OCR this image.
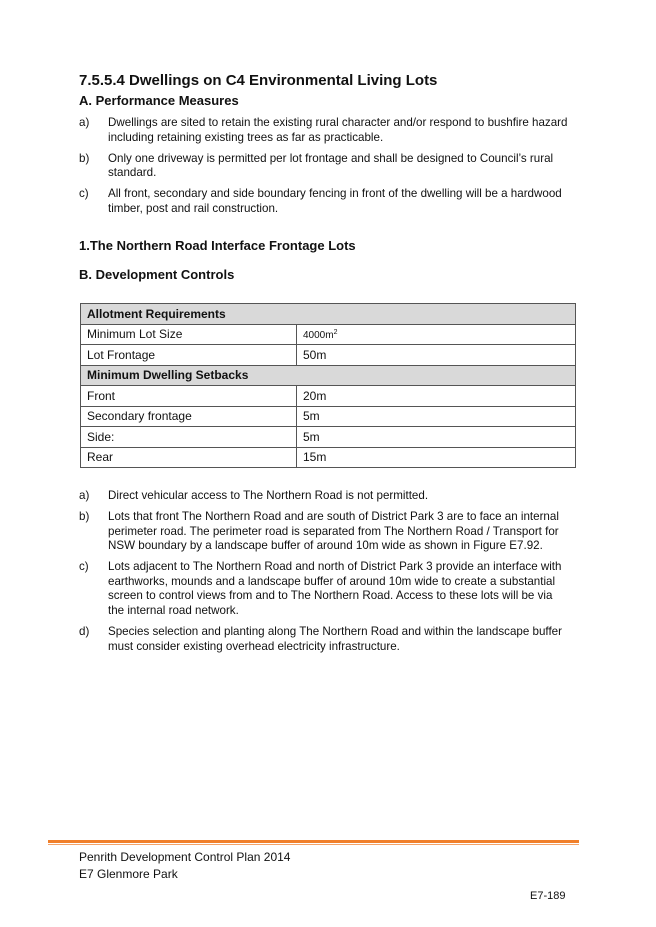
7.5.5.4 Dwellings on C4 Environmental Living Lots
A. Performance Measures
a) Dwellings are sited to retain the existing rural character and/or respond to bushfire hazard including retaining existing trees as far as practicable.
b) Only one driveway is permitted per lot frontage and shall be designed to Council’s rural standard.
c) All front, secondary and side boundary fencing in front of the dwelling will be a hardwood timber, post and rail construction.
1.The Northern Road Interface Frontage Lots
B. Development Controls
Allotment Requirements	
Minimum Lot Size	$4000m^2$
Lot Frontage	50m
Minimum Dwelling Setbacks	
Front	20m
Secondary frontage	5m
Side:	5m
Rear	15m
a) Direct vehicular access to The Northern Road is not permitted.
b) Lots that front The Northern Road and are south of District Park 3 are to face an internal perimeter road. The perimeter road is separated from The Northern Road / Transport for NSW boundary by a landscape buffer of around 10m wide as shown in Figure E7.92.
c) Lots adjacent to The Northern Road and north of District Park 3 provide an interface with earthworks, mounds and a landscape buffer of around 10m wide to create a substantial screen to control views from and to The Northern Road. Access to these lots will be via the internal road network.
d) Species selection and planting along The Northern Road and within the landscape buffer must consider existing overhead electricity infrastructure.
Penrith Development Control Plan 2014
E7 Glenmore Park
E7-189
